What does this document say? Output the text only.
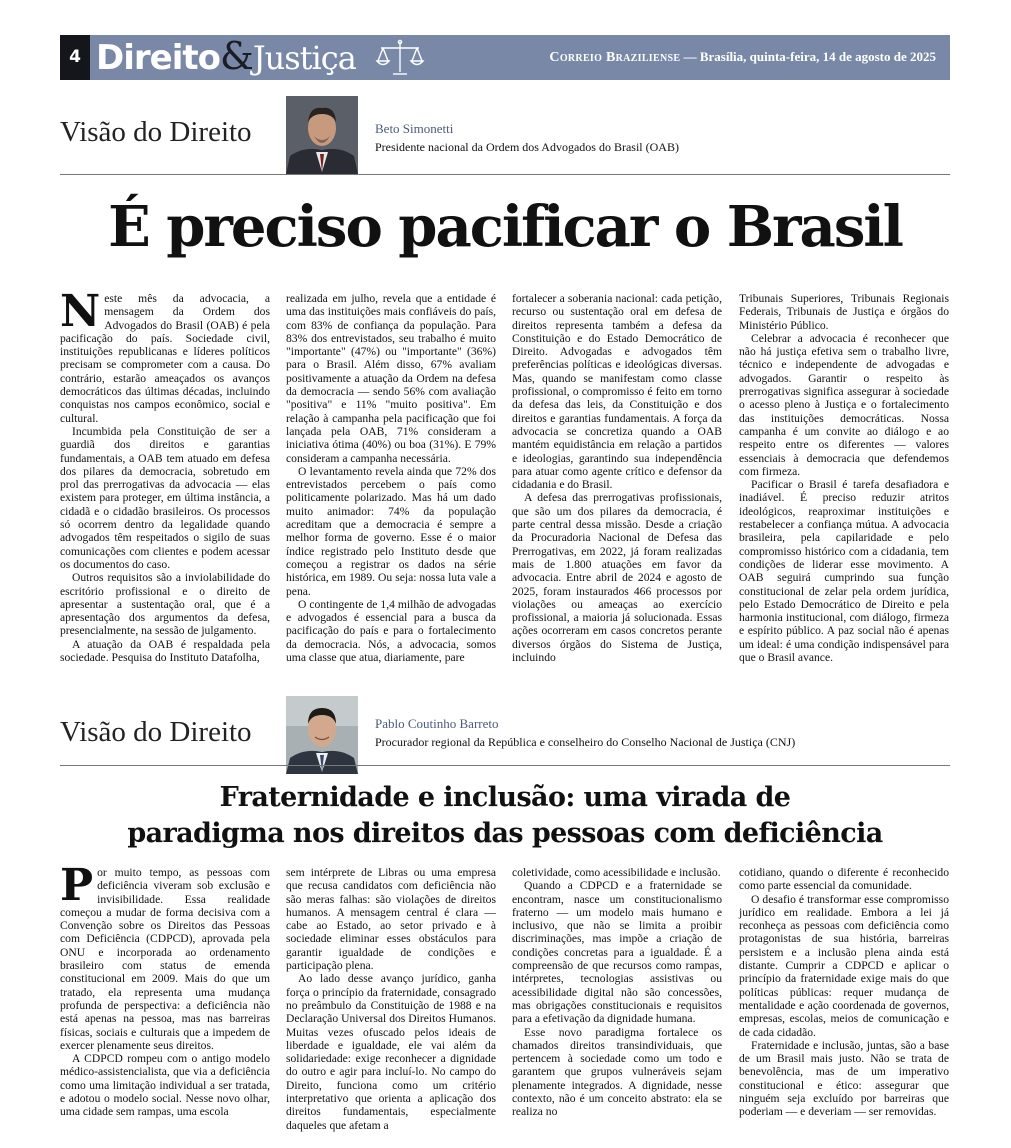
4 Direito&Justiça	Correio Braziliense — Brasília, quinta-feira, 14 de agosto de 2025
Visão do Direito	Beto Simonetti
Presidente nacional da Ordem dos Advogados do Brasil (OAB)
É preciso pacificar o Brasil

Neste mês da advocacia, a mensagem da Ordem dos Advogados do Brasil (OAB) é pela pacificação do país. Sociedade civil, instituições republicanas e líderes políticos precisam se comprometer com a causa. Do contrário, estarão ameaçados os avanços democráticos das últimas décadas, incluindo conquistas nos campos econômico, social e cultural.

Incumbida pela Constituição de ser a guardiã dos direitos e garantias fundamentais, a OAB tem atuado em defesa dos pilares da democracia, sobretudo em prol das prerrogativas da advocacia — elas existem para proteger, em última instância, a cidadã e o cidadão brasileiros. Os processos só ocorrem dentro da legalidade quando advogados têm respeitados o sigilo de suas comunicações com clientes e podem acessar os documentos do caso.

Outros requisitos são a inviolabilidade do escritório profissional e o direito de apresentar a sustentação oral, que é a apresentação dos argumentos da defesa, presencialmente, na sessão de julgamento.

A atuação da OAB é respaldada pela sociedade. Pesquisa do Instituto Datafolha,

realizada em julho, revela que a entidade é uma das instituições mais confiáveis do país, com 83% de confiança da população. Para 83% dos entrevistados, seu trabalho é muito "importante" (47%) ou "importante" (36%) para o Brasil. Além disso, 67% avaliam positivamente a atuação da Ordem na defesa da democracia — sendo 56% com avaliação "positiva" e 11% "muito positiva". Em relação à campanha pela pacificação que foi lançada pela OAB, 71% consideram a iniciativa ótima (40%) ou boa (31%). E 79% consideram a campanha necessária.

O levantamento revela ainda que 72% dos entrevistados percebem o país como politicamente polarizado. Mas há um dado muito animador: 74% da população acreditam que a democracia é sempre a melhor forma de governo. Esse é o maior índice registrado pelo Instituto desde que começou a registrar os dados na série histórica, em 1989. Ou seja: nossa luta vale a pena.

O contingente de 1,4 milhão de advogadas e advogados é essencial para a busca da pacificação do país e para o fortalecimento da democracia. Nós, a advocacia, somos uma classe que atua, diariamente, pare

fortalecer a soberania nacional: cada petição, recurso ou sustentação oral em defesa de direitos representa também a defesa da Constituição e do Estado Democrático de Direito. Advogadas e advogados têm preferências políticas e ideológicas diversas. Mas, quando se manifestam como classe profissional, o compromisso é feito em torno da defesa das leis, da Constituição e dos direitos e garantias fundamentais. A força da advocacia se concretiza quando a OAB mantém equidistância em relação a partidos e ideologias, garantindo sua independência para atuar como agente crítico e defensor da cidadania e do Brasil.

A defesa das prerrogativas profissionais, que são um dos pilares da democracia, é parte central dessa missão. Desde a criação da Procuradoria Nacional de Defesa das Prerrogativas, em 2022, já foram realizadas mais de 1.800 atuações em favor da advocacia. Entre abril de 2024 e agosto de 2025, foram instaurados 466 processos por violações ou ameaças ao exercício profissional, a maioria já solucionada. Essas ações ocorreram em casos concretos perante diversos órgãos do Sistema de Justiça, incluindo

Tribunais Superiores, Tribunais Regionais Federais, Tribunais de Justiça e órgãos do Ministério Público.

Celebrar a advocacia é reconhecer que não há justiça efetiva sem o trabalho livre, técnico e independente de advogadas e advogados. Garantir o respeito às prerrogativas significa assegurar à sociedade o acesso pleno à Justiça e o fortalecimento das instituições democráticas. Nossa campanha é um convite ao diálogo e ao respeito entre os diferentes — valores essenciais à democracia que defendemos com firmeza.

Pacificar o Brasil é tarefa desafiadora e inadiável. É preciso reduzir atritos ideológicos, reaproximar instituições e restabelecer a confiança mútua. A advocacia brasileira, pela capilaridade e pelo compromisso histórico com a cidadania, tem condições de liderar esse movimento. A OAB seguirá cumprindo sua função constitucional de zelar pela ordem jurídica, pelo Estado Democrático de Direito e pela harmonia institucional, com diálogo, firmeza e espírito público. A paz social não é apenas um ideal: é uma condição indispensável para que o Brasil avance.

Visão do Direito	Pablo Coutinho Barreto
Procurador regional da República e conselheiro do Conselho Nacional de Justiça (CNJ)
Fraternidade e inclusão: uma virada de
paradigma nos direitos das pessoas com deficiência

Por muito tempo, as pessoas com deficiência viveram sob exclusão e invisibilidade. Essa realidade começou a mudar de forma decisiva com a Convenção sobre os Direitos das Pessoas com Deficiência (CDPCD), aprovada pela ONU e incorporada ao ordenamento brasileiro com status de emenda constitucional em 2009. Mais do que um tratado, ela representa uma mudança profunda de perspectiva: a deficiência não está apenas na pessoa, mas nas barreiras físicas, sociais e culturais que a impedem de exercer plenamente seus direitos.

A CDPCD rompeu com o antigo modelo médico-assistencialista, que via a deficiência como uma limitação individual a ser tratada, e adotou o modelo social. Nesse novo olhar, uma cidade sem rampas, uma escola

sem intérprete de Libras ou uma empresa que recusa candidatos com deficiência não são meras falhas: são violações de direitos humanos. A mensagem central é clara — cabe ao Estado, ao setor privado e à sociedade eliminar esses obstáculos para garantir igualdade de condições e participação plena.

Ao lado desse avanço jurídico, ganha força o princípio da fraternidade, consagrado no preâmbulo da Constituição de 1988 e na Declaração Universal dos Direitos Humanos. Muitas vezes ofuscado pelos ideais de liberdade e igualdade, ele vai além da solidariedade: exige reconhecer a dignidade do outro e agir para incluí-lo. No campo do Direito, funciona como um critério interpretativo que orienta a aplicação dos direitos fundamentais, especialmente daqueles que afetam a

coletividade, como acessibilidade e inclusão.

Quando a CDPCD e a fraternidade se encontram, nasce um constitucionalismo fraterno — um modelo mais humano e inclusivo, que não se limita a proibir discriminações, mas impõe a criação de condições concretas para a igualdade. É a compreensão de que recursos como rampas, intérpretes, tecnologias assistivas ou acessibilidade digital não são concessões, mas obrigações constitucionais e requisitos para a efetivação da dignidade humana.

Esse novo paradigma fortalece os chamados direitos transindividuais, que pertencem à sociedade como um todo e garantem que grupos vulneráveis sejam plenamente integrados. A dignidade, nesse contexto, não é um conceito abstrato: ela se realiza no

cotidiano, quando o diferente é reconhecido como parte essencial da comunidade.

O desafio é transformar esse compromisso jurídico em realidade. Embora a lei já reconheça as pessoas com deficiência como protagonistas de sua história, barreiras persistem e a inclusão plena ainda está distante. Cumprir a CDPCD e aplicar o princípio da fraternidade exige mais do que políticas públicas: requer mudança de mentalidade e ação coordenada de governos, empresas, escolas, meios de comunicação e de cada cidadão.

Fraternidade e inclusão, juntas, são a base de um Brasil mais justo. Não se trata de benevolência, mas de um imperativo constitucional e ético: assegurar que ninguém seja excluído por barreiras que poderiam — e deveriam — ser removidas.
